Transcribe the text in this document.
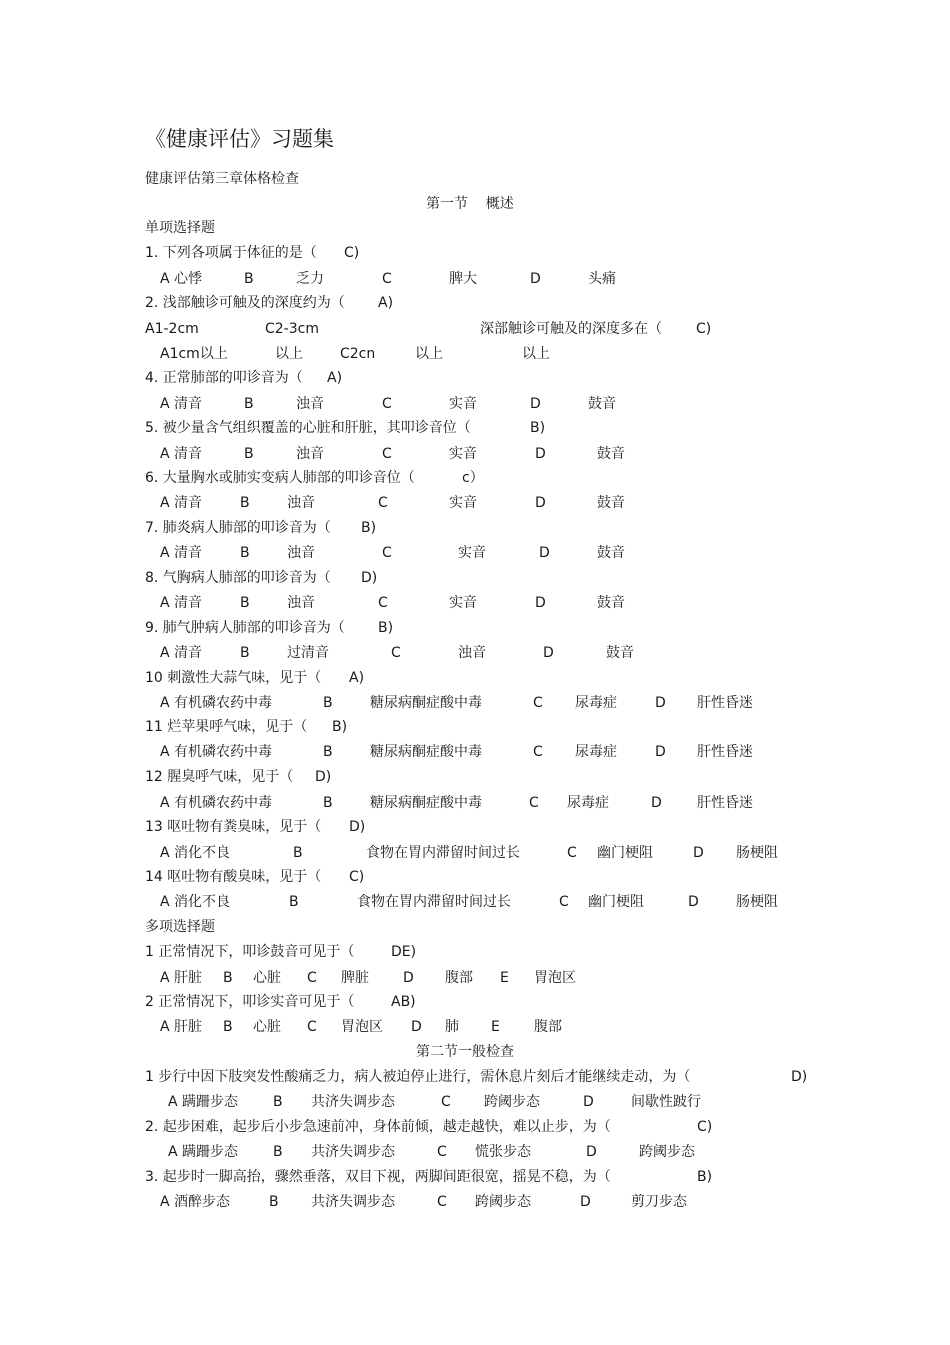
《健康评估》习题集
健康评估第三章体格检查
第一节    概述
单项选择题
1. 下列各项属于体征的是（ C)
A 心悸	B	乏力	C	脾大	D	头痛
2. 浅部触诊可触及的深度约为（ A)
A1-2cm	C2-3cm	深部触诊可触及的深度多在（ C)
A1cm以上	以上	C2cn	以上	以上
4. 正常肺部的叩诊音为（ A)
A 清音	B	浊音	C	实音	D	鼓音
5. 被少量含气组织覆盖的心脏和肝脏，其叩诊音位（	B)
A 清音	B	浊音	C	实音	D	鼓音
6. 大量胸水或肺实变病人肺部的叩诊音位（	c）
A 清音	B	浊音	C	实音	D	鼓音
7. 肺炎病人肺部的叩诊音为（ B)
A 清音	B	浊音	C	实音	D	鼓音
8. 气胸病人肺部的叩诊音为（ D)
A 清音	B	浊音	C	实音	D	鼓音
9. 肺气肿病人肺部的叩诊音为（ B)
A 清音	B	过清音	C	浊音	D	鼓音
10 刺激性大蒜气味，见于（ A)
A 有机磷农药中毒	B	糖尿病酮症酸中毒	C 尿毒症	D 肝性昏迷
11 烂苹果呼气味，见于（ B)
A 有机磷农药中毒	B	糖尿病酮症酸中毒	C 尿毒症	D 肝性昏迷
12 腥臭呼气味，见于（ D)
A 有机磷农药中毒	B	糖尿病酮症酸中毒	C 尿毒症	D	肝性昏迷
13 呕吐物有粪臭味，见于（ D)
A 消化不良	B	食物在胃内滞留时间过长	C 幽门梗阻	D 肠梗阻
14 呕吐物有酸臭味，见于（ C)
A 消化不良	B	食物在胃内滞留时间过长	C 幽门梗阻	D	肠梗阻
多项选择题
1 正常情况下，叩诊鼓音可见于（	DE)
A 肝脏 B 心脏 C 脾脏 D 腹部 E 胃泡区
2 正常情况下，叩诊实音可见于（	AB)
A 肝脏 B 心脏 C 胃泡区 D 肺 E 腹部
第二节一般检查
1 步行中因下肢突发性酸痛乏力，病人被迫停止进行，需休息片刻后才能继续走动，为（	D)
A 蹒跚步态 B 共济失调步态	C 跨阈步态	D	间歇性跛行
2. 起步困难，起步后小步急速前冲，身体前倾，越走越快，难以止步，为（	C)
A 蹒跚步态 B 共济失调步态	C 慌张步态	D	跨阈步态
3. 起步时一脚高抬，骤然垂落，双目下视，两脚间距很宽，摇晃不稳，为（	B)
A 酒醉步态	B 共济失调步态	C 跨阈步态	D	剪刀步态
